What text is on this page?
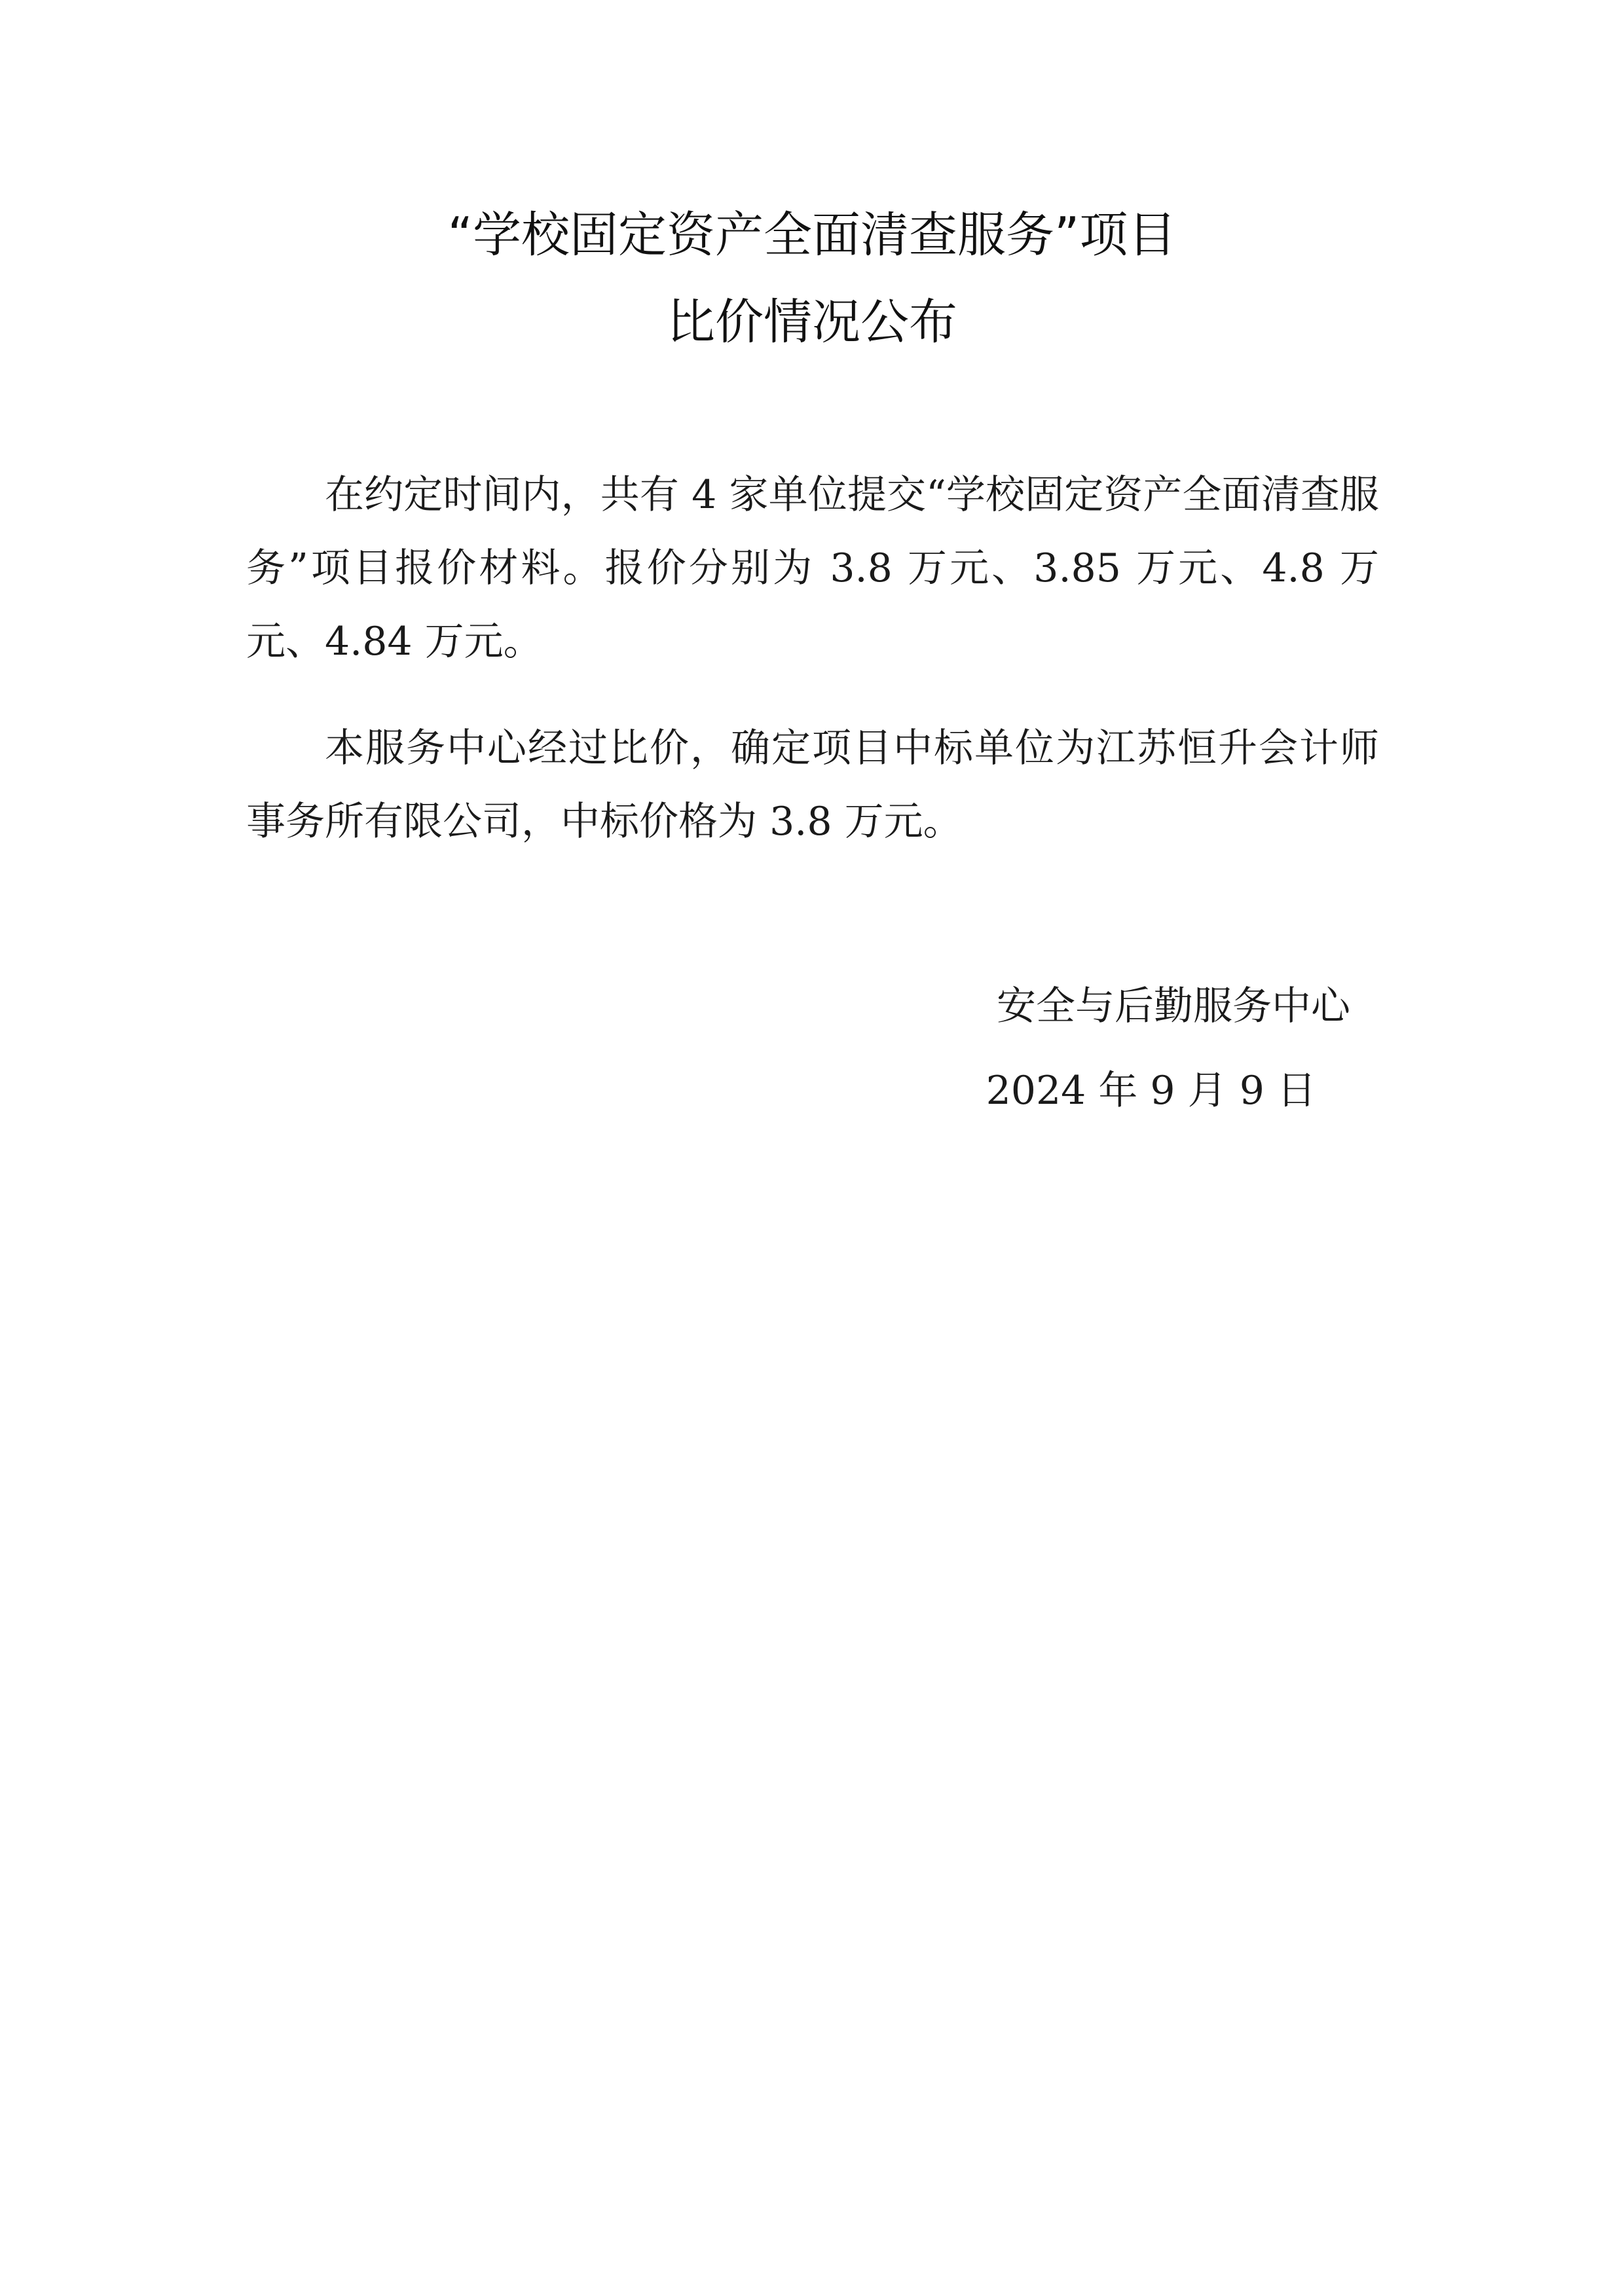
“学校固定资产全面清查服务”项目
比价情况公布

在约定时间内，共有 4 家单位提交“学校固定资产全面清查服务”项目报价材料。报价分别为 3.8 万元、3.85 万元、4.8 万元、4.84 万元。

本服务中心经过比价，确定项目中标单位为江苏恒升会计师事务所有限公司，中标价格为 3.8 万元。

安全与后勤服务中心

2024 年 9 月 9 日
